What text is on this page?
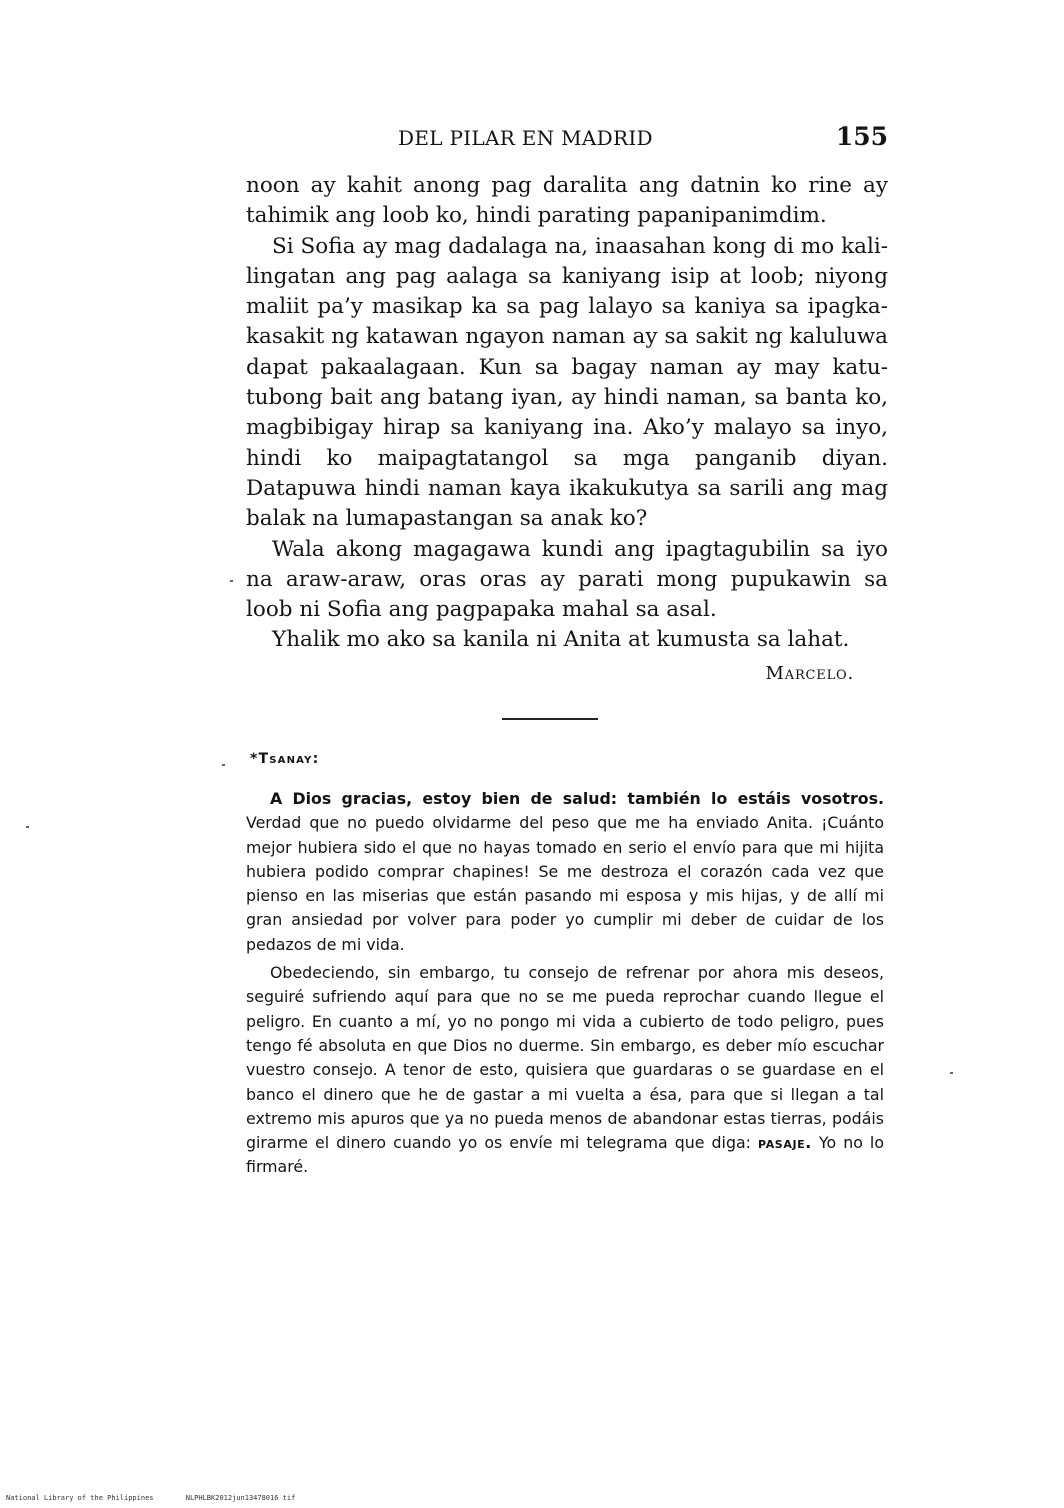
DEL PILAR EN MADRID	155

noon ay kahit anong pag daralita ang datnin ko rine ay tahimik ang loob ko, hindi parating papanipanimdim.

Si Sofia ay mag dadalaga na, inaasahan kong di mo kalilingatan ang pag aalaga sa kaniyang isip at loob; niyong maliit pa’y masikap ka sa pag lalayo sa kaniya sa ipagkakasakit ng katawan ngayon naman ay sa sakit ng kaluluwa dapat pakaalagaan. Kun sa bagay naman ay may katutubong bait ang batang iyan, ay hindi naman, sa banta ko, magbibigay hirap sa kaniyang ina. Ako’y malayo sa inyo, hindi ko maipagtatangol sa mga panganib diyan. Datapuwa hindi naman kaya ikakukutya sa sarili ang mag balak na lumapastangan sa anak ko?

Wala akong magagawa kundi ang ipagtagubilin sa iyo na araw-araw, oras oras ay parati mong pupukawin sa loob ni Sofia ang pagpapaka mahal sa asal.

Yhalik mo ako sa kanila ni Anita at kumusta sa lahat.

Marcelo.
*Tsanay:

A Dios gracias, estoy bien de salud: también lo estáis vosotros. Verdad que no puedo olvidarme del peso que me ha enviado Anita. ¡Cuánto mejor hubiera sido el que no hayas tomado en serio el envío para que mi hijita hubiera podido comprar chapines! Se me destroza el corazón cada vez que pienso en las miserias que están pasando mi esposa y mis hijas, y de allí mi gran ansiedad por volver para poder yo cumplir mi deber de cuidar de los pedazos de mi vida.

Obedeciendo, sin embargo, tu consejo de refrenar por ahora mis deseos, seguiré sufriendo aquí para que no se me pueda reprochar cuando llegue el peligro. En cuanto a mí, yo no pongo mi vida a cubierto de todo peligro, pues tengo fé absoluta en que Dios no duerme. Sin embargo, es deber mío escuchar vuestro consejo. A tenor de esto, quisiera que guardaras o se guardase en el banco el dinero que he de gastar a mi vuelta a ésa, para que si llegan a tal extremo mis apuros que ya no pueda menos de abandonar estas tierras, podáis girarme el dinero cuando yo os envíe mi telegrama que diga: pasaje. Yo no lo firmaré.

National Library of the Philippines	NLPHLBK2012jun13478016 tif
